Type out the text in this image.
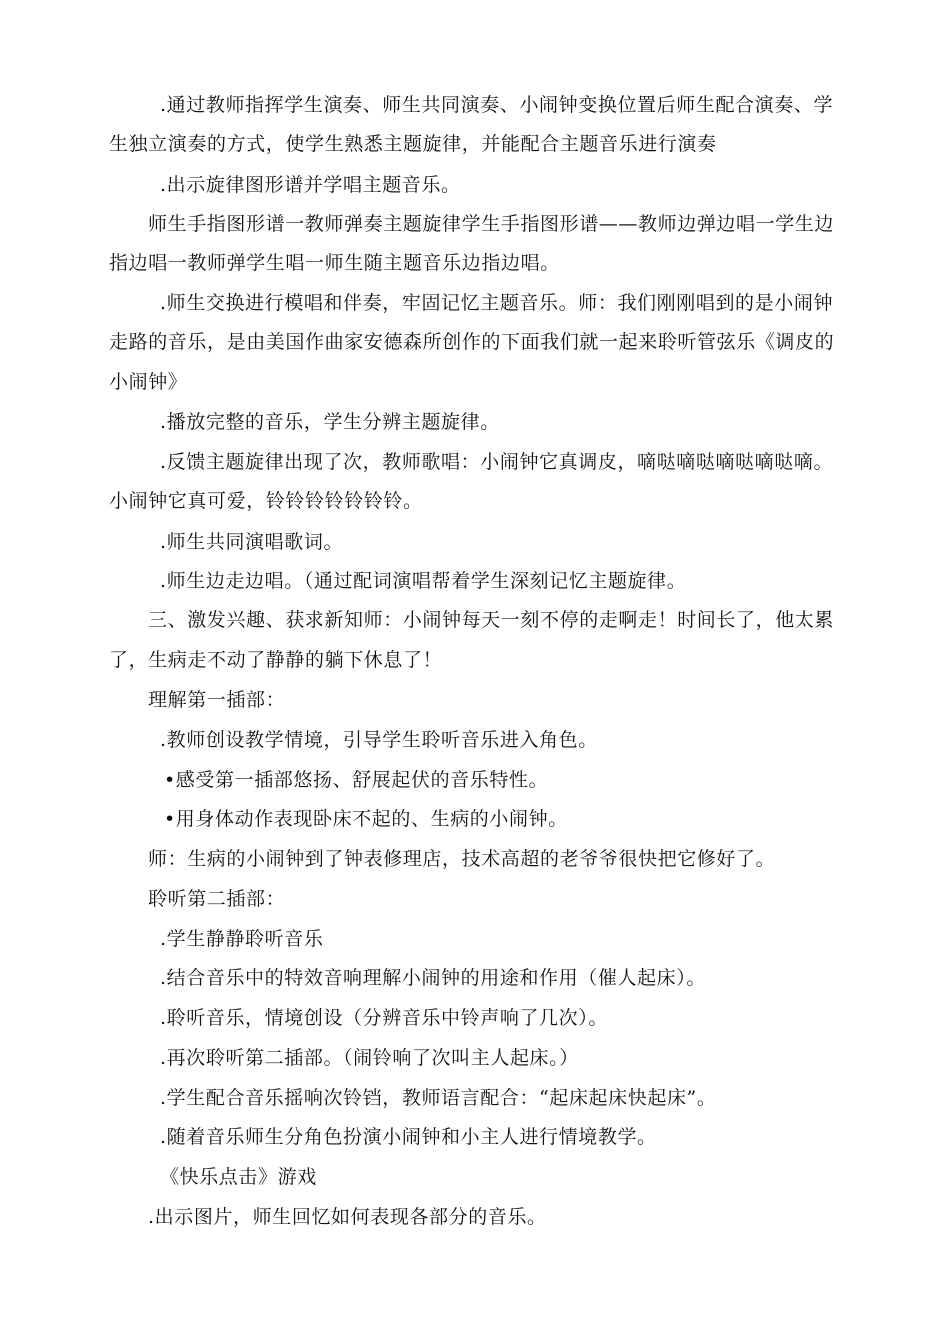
.通过教师指挥学生演奏、师生共同演奏、小闹钟变换位置后师生配合演奏、学
生独立演奏的方式，使学生熟悉主题旋律，并能配合主题音乐进行演奏
.出示旋律图形谱并学唱主题音乐。
师生手指图形谱一教师弹奏主题旋律学生手指图形谱——教师边弹边唱一学生边
指边唱一教师弹学生唱一师生随主题音乐边指边唱。
.师生交换进行模唱和伴奏，牢固记忆主题音乐。师：我们刚刚唱到的是小闹钟
走路的音乐，是由美国作曲家安德森所创作的下面我们就一起来聆听管弦乐《调皮的
小闹钟》
.播放完整的音乐，学生分辨主题旋律。
.反馈主题旋律出现了次，教师歌唱：小闹钟它真调皮，嘀哒嘀哒嘀哒嘀哒嘀。
小闹钟它真可爱，铃铃铃铃铃铃铃。
.师生共同演唱歌词。
.师生边走边唱。（通过配词演唱帮着学生深刻记忆主题旋律。
三、激发兴趣、获求新知师：小闹钟每天一刻不停的走啊走！时间长了，他太累
了，生病走不动了静静的躺下休息了！
理解第一插部：
.教师创设教学情境，引导学生聆听音乐进入角色。
•感受第一插部悠扬、舒展起伏的音乐特性。
•用身体动作表现卧床不起的、生病的小闹钟。
师：生病的小闹钟到了钟表修理店，技术高超的老爷爷很快把它修好了。
聆听第二插部：
.学生静静聆听音乐
.结合音乐中的特效音响理解小闹钟的用途和作用（催人起床）。
.聆听音乐，情境创设（分辨音乐中铃声响了几次）。
.再次聆听第二插部。（闹铃响了次叫主人起床。）
.学生配合音乐摇响次铃铛，教师语言配合：“起床起床快起床”。
.随着音乐师生分角色扮演小闹钟和小主人进行情境教学。
《快乐点击》游戏
.出示图片，师生回忆如何表现各部分的音乐。
